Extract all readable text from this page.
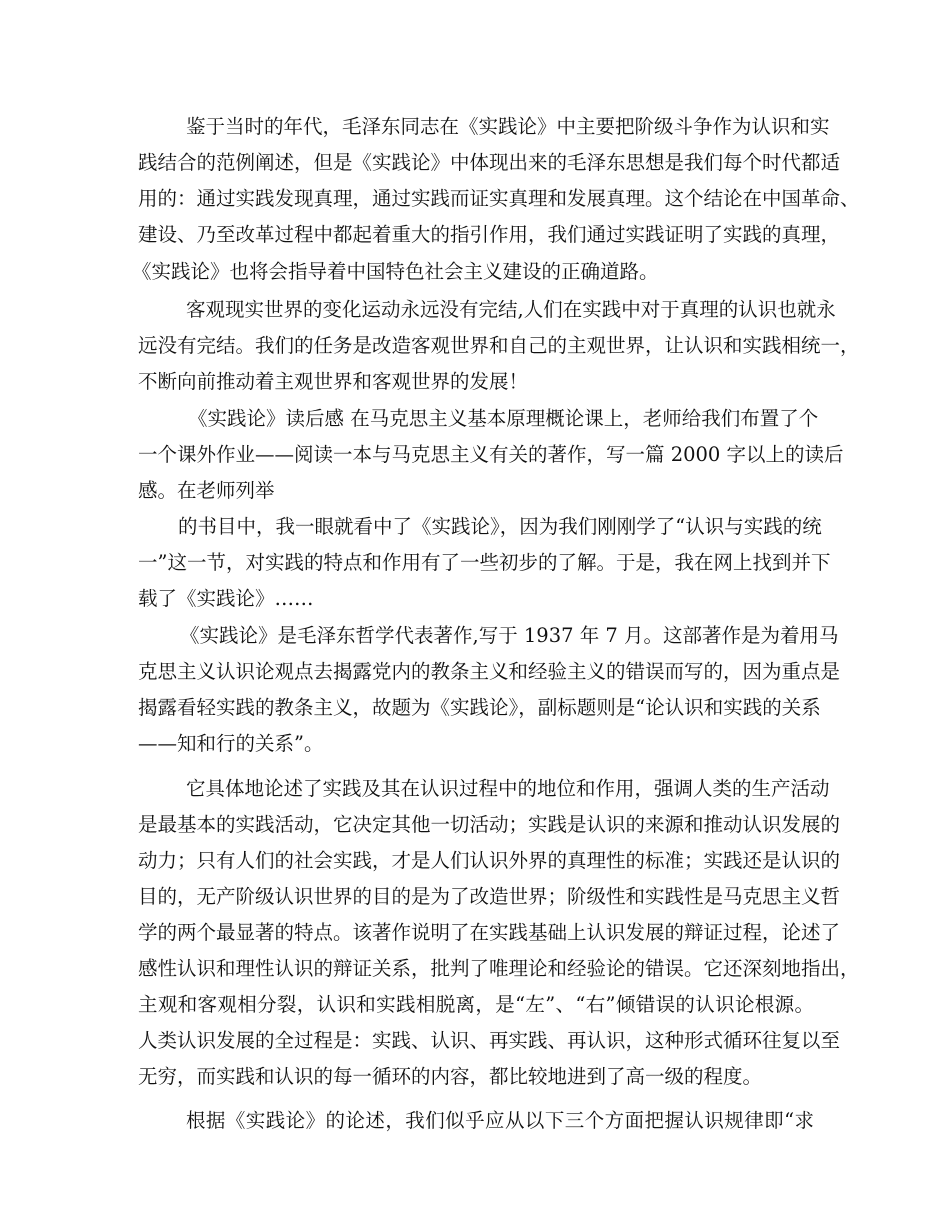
鉴于当时的年代，毛泽东同志在《实践论》中主要把阶级斗争作为认识和实
践结合的范例阐述，但是《实践论》中体现出来的毛泽东思想是我们每个时代都适
用的：通过实践发现真理，通过实践而证实真理和发展真理。这个结论在中国革命、
建设、乃至改革过程中都起着重大的指引作用，我们通过实践证明了实践的真理，
《实践论》也将会指导着中国特色社会主义建设的正确道路。
客观现实世界的变化运动永远没有完结,人们在实践中对于真理的认识也就永
远没有完结。我们的任务是改造客观世界和自己的主观世界，让认识和实践相统一，
不断向前推动着主观世界和客观世界的发展！
《实践论》读后感 在马克思主义基本原理概论课上，老师给我们布置了个
一个课外作业——阅读一本与马克思主义有关的著作，写一篇 2000 字以上的读后
感。在老师列举
的书目中，我一眼就看中了《实践论》，因为我们刚刚学了“认识与实践的统
一”这一节，对实践的特点和作用有了一些初步的了解。于是，我在网上找到并下
载了《实践论》……
《实践论》是毛泽东哲学代表著作,写于 1937 年 7 月。这部著作是为着用马
克思主义认识论观点去揭露党内的教条主义和经验主义的错误而写的，因为重点是
揭露看轻实践的教条主义，故题为《实践论》，副标题则是“论认识和实践的关系
——知和行的关系”。
它具体地论述了实践及其在认识过程中的地位和作用，强调人类的生产活动
是最基本的实践活动，它决定其他一切活动；实践是认识的来源和推动认识发展的
动力；只有人们的社会实践，才是人们认识外界的真理性的标准；实践还是认识的
目的，无产阶级认识世界的目的是为了改造世界；阶级性和实践性是马克思主义哲
学的两个最显著的特点。该著作说明了在实践基础上认识发展的辩证过程，论述了
感性认识和理性认识的辩证关系，批判了唯理论和经验论的错误。它还深刻地指出，
主观和客观相分裂，认识和实践相脱离，是“左”、“右”倾错误的认识论根源。
人类认识发展的全过程是：实践、认识、再实践、再认识，这种形式循环往复以至
无穷，而实践和认识的每一循环的内容，都比较地进到了高一级的程度。
根据《实践论》的论述，我们似乎应从以下三个方面把握认识规律即“求
